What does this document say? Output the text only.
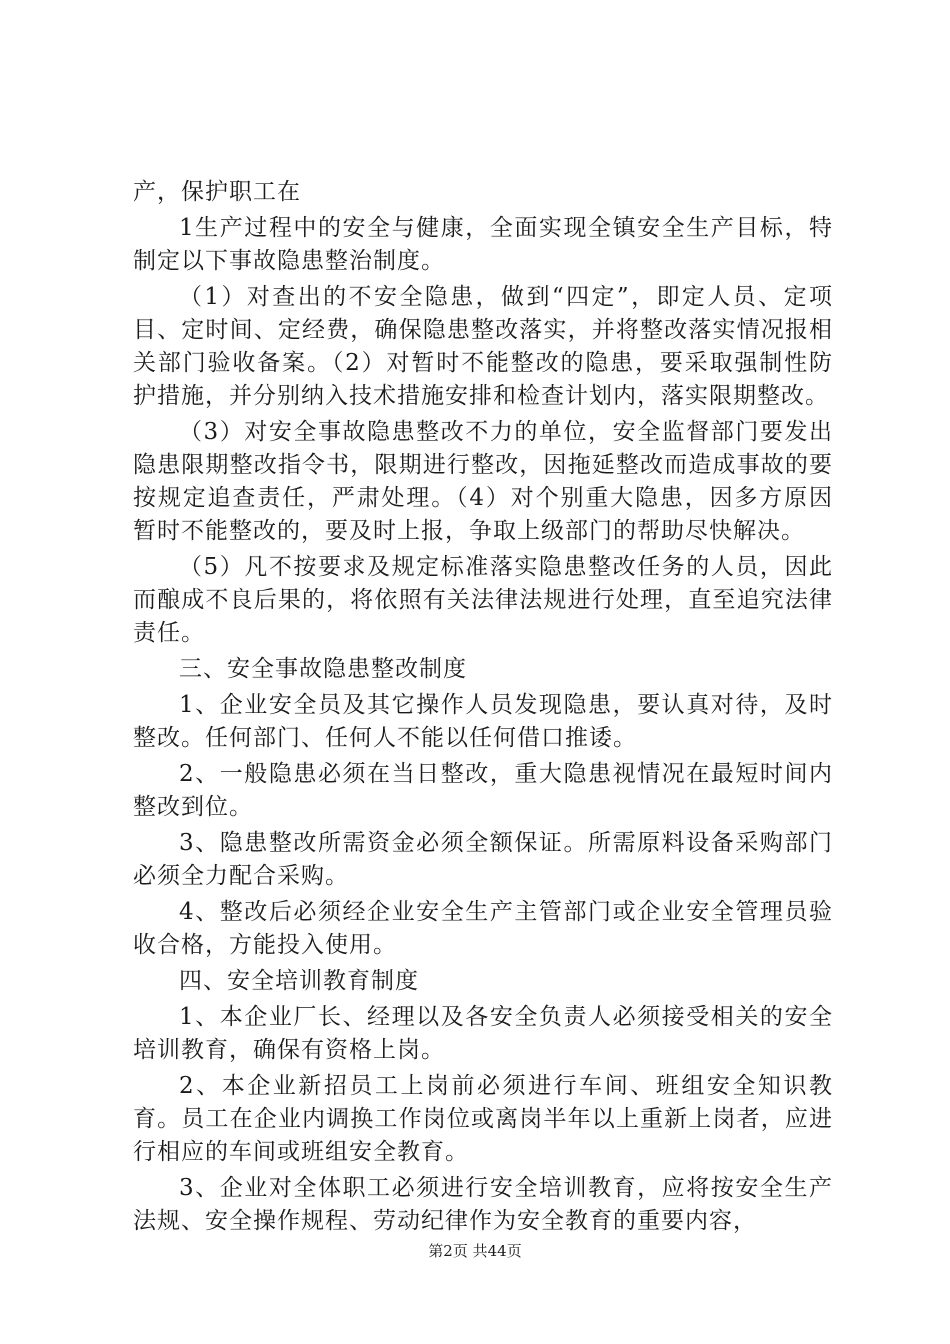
产，保护职工在

1生产过程中的安全与健康，全面实现全镇安全生产目标，特制定以下事故隐患整治制度。

（1）对查出的不安全隐患，做到“四定”，即定人员、定项目、定时间、定经费，确保隐患整改落实，并将整改落实情况报相关部门验收备案。（2）对暂时不能整改的隐患，要采取强制性防护措施，并分别纳入技术措施安排和检查计划内，落实限期整改。

（3）对安全事故隐患整改不力的单位，安全监督部门要发出隐患限期整改指令书，限期进行整改，因拖延整改而造成事故的要按规定追查责任，严肃处理。（4）对个别重大隐患，因多方原因暂时不能整改的，要及时上报，争取上级部门的帮助尽快解决。

（5）凡不按要求及规定标准落实隐患整改任务的人员，因此而酿成不良后果的，将依照有关法律法规进行处理，直至追究法律责任。

三、安全事故隐患整改制度

1、企业安全员及其它操作人员发现隐患，要认真对待，及时整改。任何部门、任何人不能以任何借口推诿。

2、一般隐患必须在当日整改，重大隐患视情况在最短时间内整改到位。

3、隐患整改所需资金必须全额保证。所需原料设备采购部门必须全力配合采购。

4、整改后必须经企业安全生产主管部门或企业安全管理员验收合格，方能投入使用。

四、安全培训教育制度

1、本企业厂长、经理以及各安全负责人必须接受相关的安全培训教育，确保有资格上岗。

2、本企业新招员工上岗前必须进行车间、班组安全知识教育。员工在企业内调换工作岗位或离岗半年以上重新上岗者，应进行相应的车间或班组安全教育。

3、企业对全体职工必须进行安全培训教育，应将按安全生产法规、安全操作规程、劳动纪律作为安全教育的重要内容，

第2页 共44页
